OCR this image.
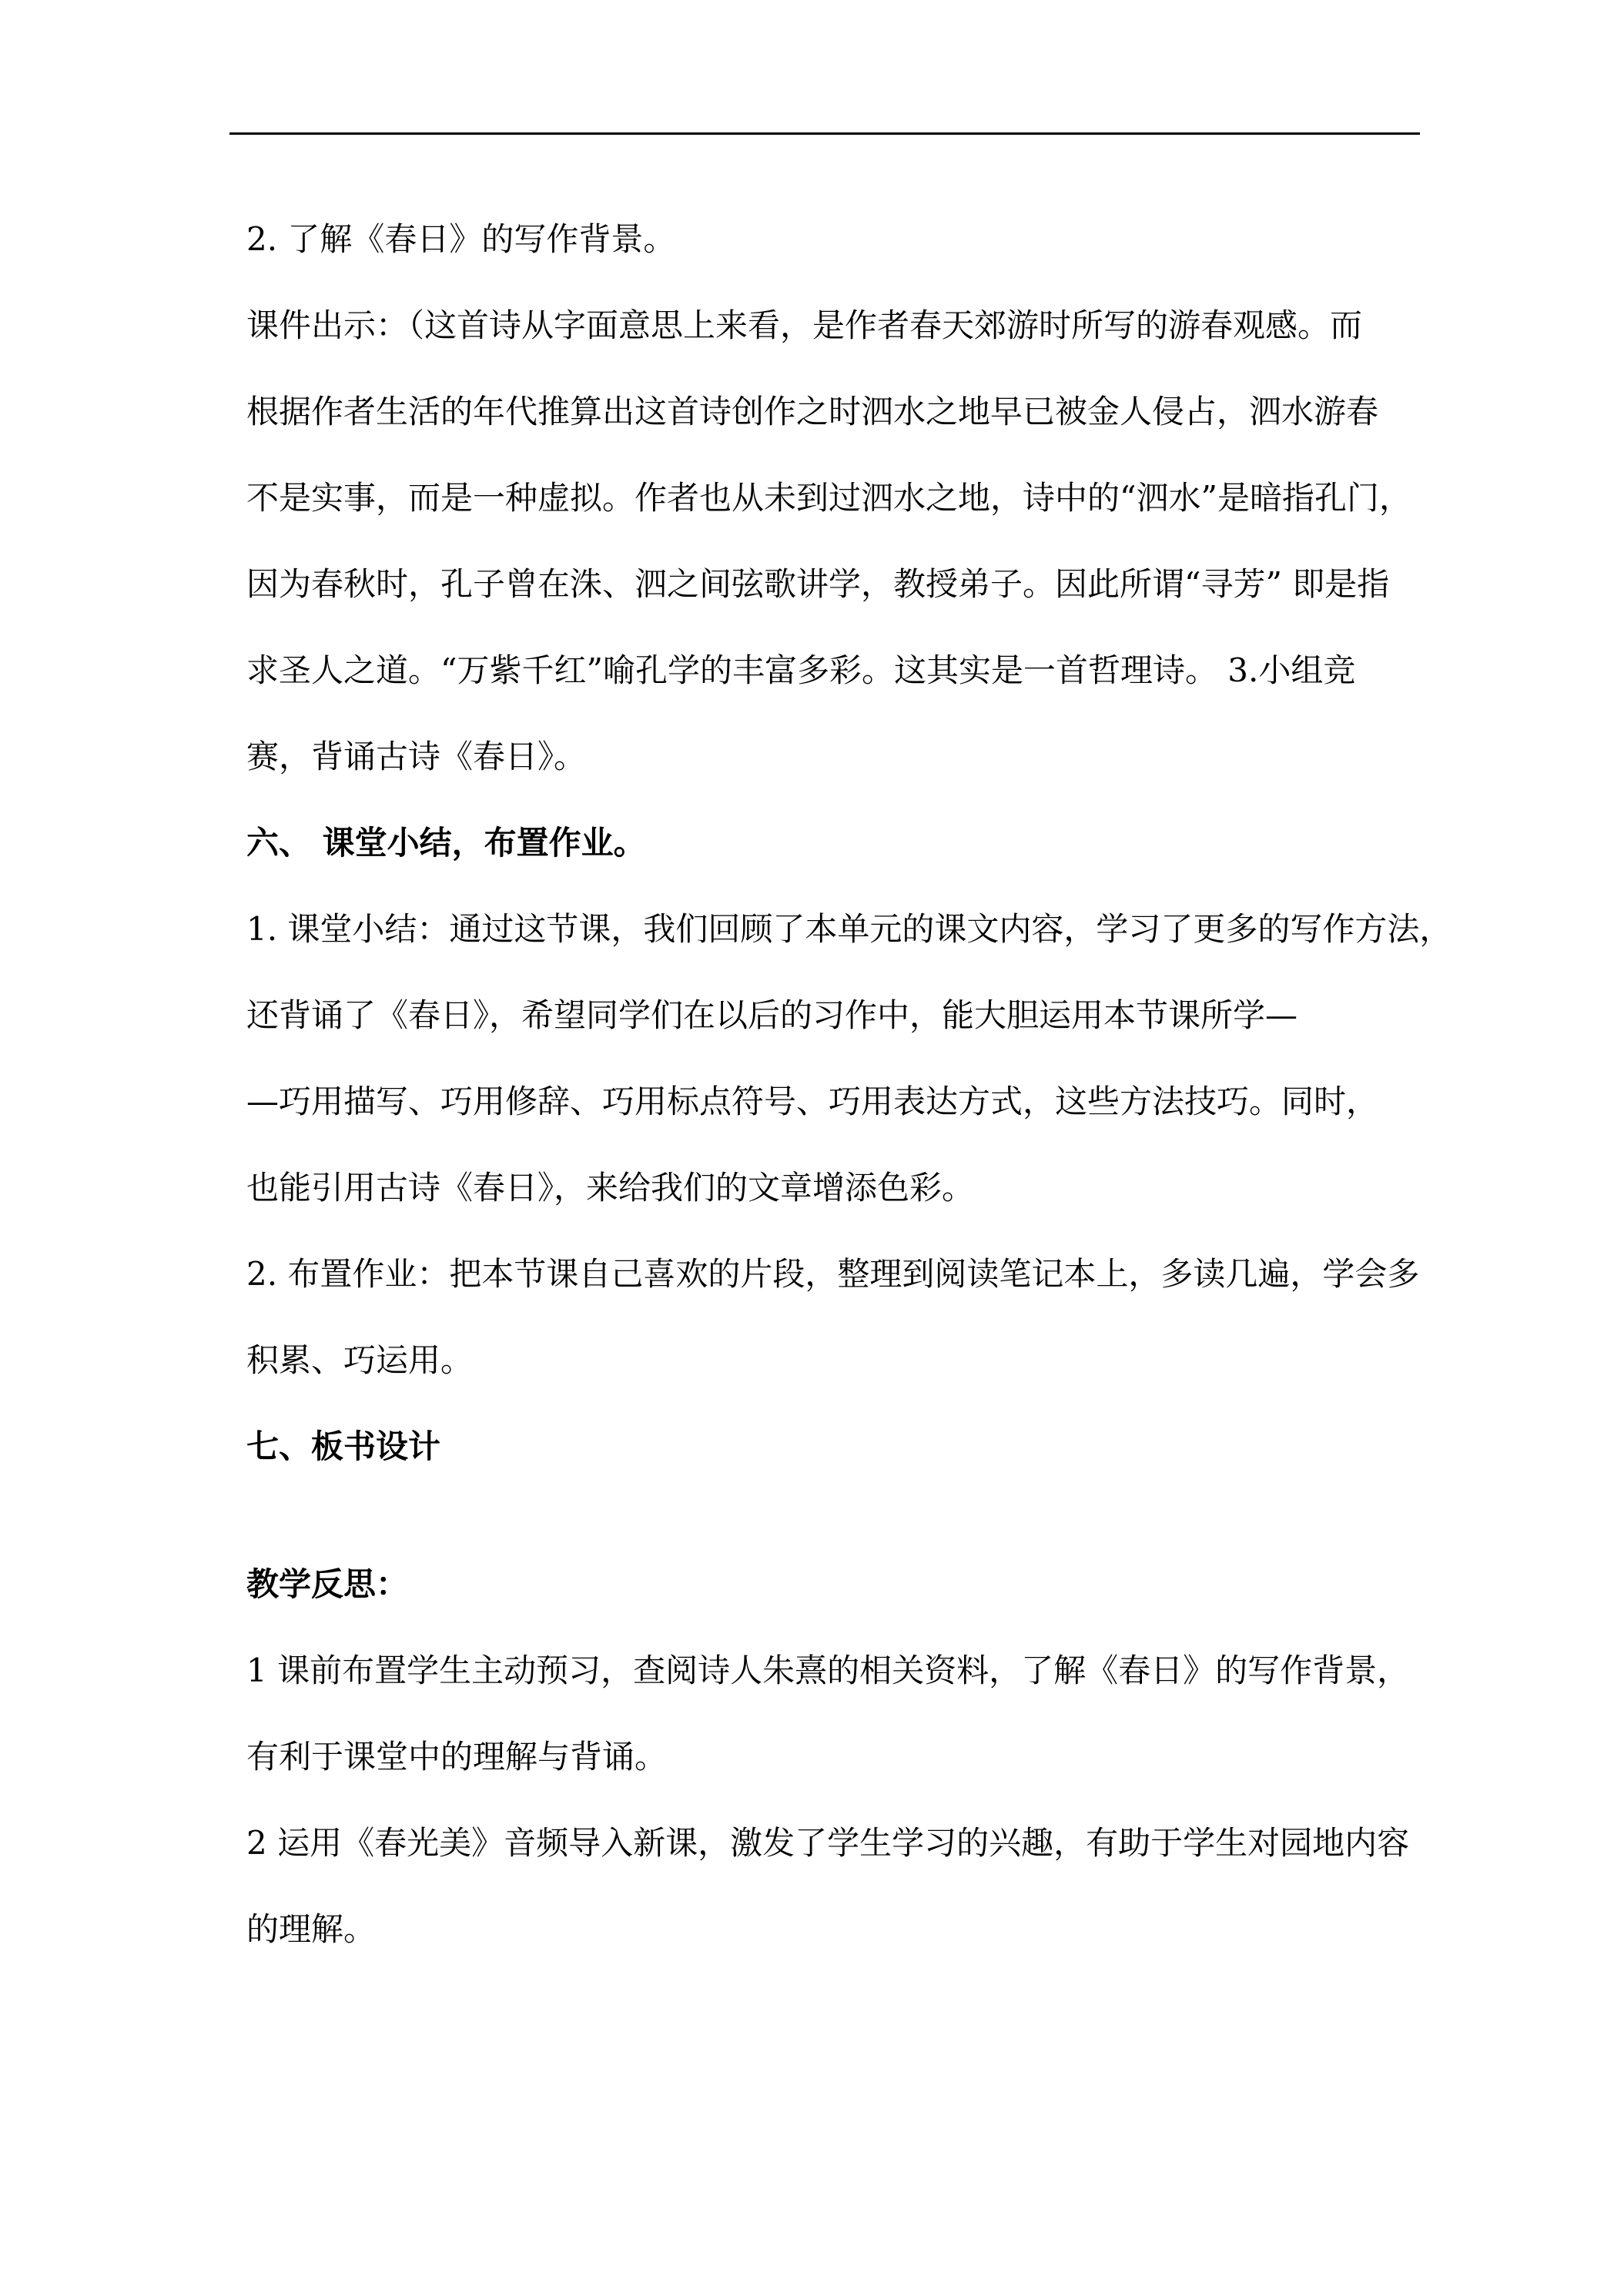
2. 了解《春日》的写作背景。
课件出示：（这首诗从字面意思上来看，是作者春天郊游时所写的游春观感。而
根据作者生活的年代推算出这首诗创作之时泗水之地早已被金人侵占，泗水游春
不是实事，而是一种虚拟。作者也从未到过泗水之地，诗中的“泗水”是暗指孔门，
因为春秋时，孔子曾在洙、泗之间弦歌讲学，教授弟子。因此所谓“寻芳” 即是指
求圣人之道。“万紫千红”喻孔学的丰富多彩。这其实是一首哲理诗。 3.小组竞
赛，背诵古诗《春日》。
六、 课堂小结，布置作业。
1. 课堂小结：通过这节课，我们回顾了本单元的课文内容，学习了更多的写作方法，
还背诵了《春日》，希望同学们在以后的习作中，能大胆运用本节课所学—
—巧用描写、巧用修辞、巧用标点符号、巧用表达方式，这些方法技巧。同时，
也能引用古诗《春日》，来给我们的文章增添色彩。
2. 布置作业：把本节课自己喜欢的片段，整理到阅读笔记本上，多读几遍，学会多
积累、巧运用。
七、板书设计
教学反思：
1 课前布置学生主动预习，查阅诗人朱熹的相关资料，了解《春日》的写作背景，
有利于课堂中的理解与背诵。
2 运用《春光美》音频导入新课，激发了学生学习的兴趣，有助于学生对园地内容
的理解。
